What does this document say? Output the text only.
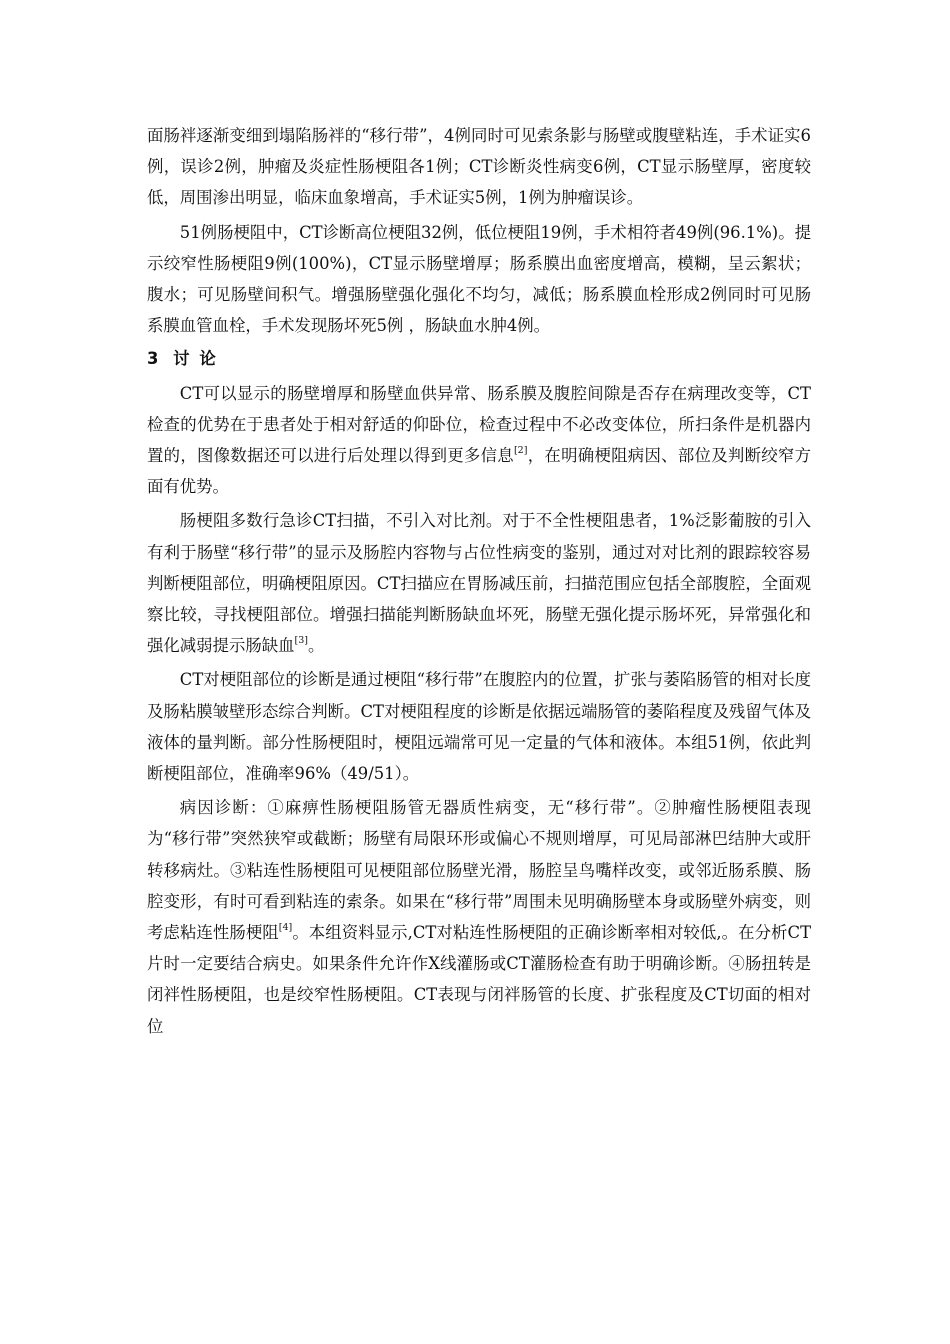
面肠袢逐渐变细到塌陷肠袢的“移行带”，4例同时可见索条影与肠壁或腹壁粘连，手术证实6例，误诊2例，肿瘤及炎症性肠梗阻各1例；CT诊断炎性病变6例，CT显示肠壁厚，密度较低，周围渗出明显，临床血象增高，手术证实5例，1例为肿瘤误诊。

51例肠梗阻中，CT诊断高位梗阻32例，低位梗阻19例，手术相符者49例(96.1%)。提示绞窄性肠梗阻9例(100%)，CT显示肠壁增厚；肠系膜出血密度增高，模糊，呈云絮状；腹水；可见肠壁间积气。增强肠壁强化强化不均匀，减低；肠系膜血栓形成2例同时可见肠系膜血管血栓，手术发现肠坏死5例 ，肠缺血水肿4例。

3讨论

CT可以显示的肠壁增厚和肠壁血供异常、肠系膜及腹腔间隙是否存在病理改变等，CT检查的优势在于患者处于相对舒适的仰卧位，检查过程中不必改变体位，所扫条件是机器内置的，图像数据还可以进行后处理以得到更多信息[2]，在明确梗阻病因、部位及判断绞窄方面有优势。

肠梗阻多数行急诊CT扫描，不引入对比剂。对于不全性梗阻患者，1%泛影葡胺的引入有利于肠壁“移行带”的显示及肠腔内容物与占位性病变的鉴别，通过对对比剂的跟踪较容易判断梗阻部位，明确梗阻原因。CT扫描应在胃肠减压前，扫描范围应包括全部腹腔，全面观察比较，寻找梗阻部位。增强扫描能判断肠缺血坏死，肠壁无强化提示肠坏死，异常强化和强化减弱提示肠缺血[3]。

CT对梗阻部位的诊断是通过梗阻“移行带”在腹腔内的位置，扩张与萎陷肠管的相对长度及肠粘膜皱壁形态综合判断。CT对梗阻程度的诊断是依据远端肠管的萎陷程度及残留气体及液体的量判断。部分性肠梗阻时，梗阻远端常可见一定量的气体和液体。本组51例，依此判断梗阻部位，准确率96%（49/51）。

病因诊断：①麻痹性肠梗阻肠管无器质性病变，无“移行带”。②肿瘤性肠梗阻表现为“移行带”突然狭窄或截断；肠壁有局限环形或偏心不规则增厚，可见局部淋巴结肿大或肝转移病灶。③粘连性肠梗阻可见梗阻部位肠壁光滑，肠腔呈鸟嘴样改变，或邻近肠系膜、肠腔变形，有时可看到粘连的索条。如果在“移行带”周围未见明确肠壁本身或肠壁外病变，则考虑粘连性肠梗阻[4]。本组资料显示,CT对粘连性肠梗阻的正确诊断率相对较低,。在分析CT片时一定要结合病史。如果条件允许作X线灌肠或CT灌肠检查有助于明确诊断。④肠扭转是闭袢性肠梗阻，也是绞窄性肠梗阻。CT表现与闭袢肠管的长度、扩张程度及CT切面的相对位
